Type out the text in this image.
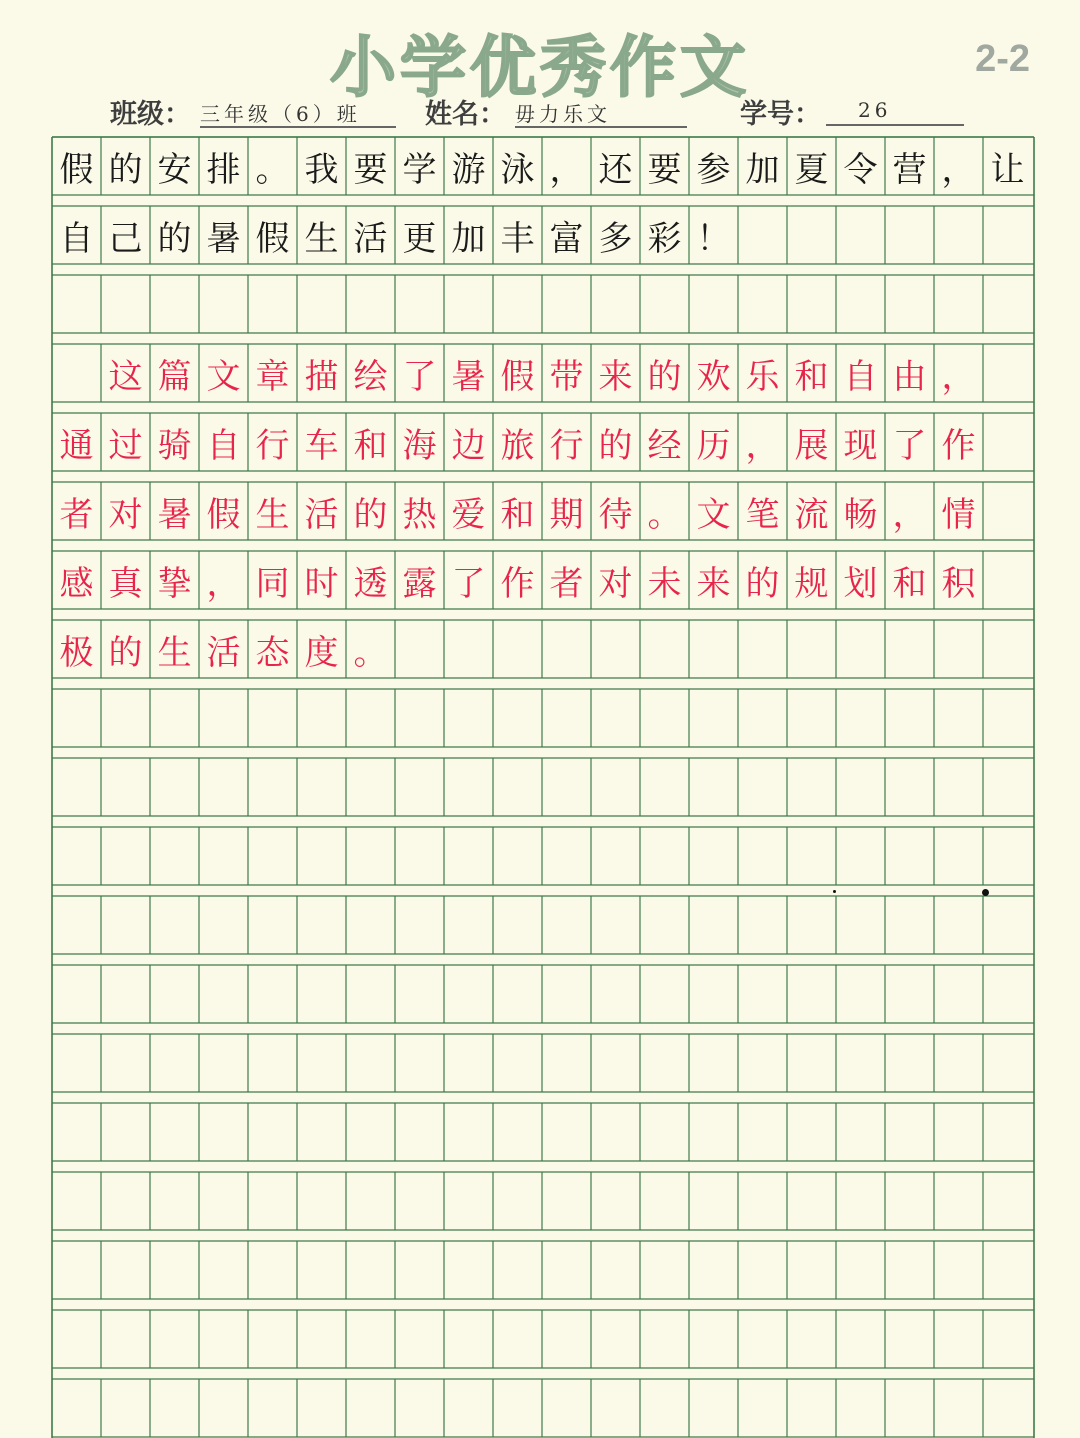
小学优秀作文	2-2
班级： 三年级（6）班	姓名： 毋力乐文	学号：	26
假 的 安 排 。 我 要 学 游 泳 ， 还 要 参 加 夏 令 营 ， 让
自 己 的 暑 假 生 活 更 加 丰 富 多 彩 ！
这 篇 文 章 描 绘 了 暑 假 带 来 的 欢 乐 和 自 由 ，
通 过 骑 自 行 车 和 海 边 旅 行 的 经 历 ， 展 现 了 作
者 对 暑 假 生 活 的 热 爱 和 期 待 。 文 笔 流 畅 ， 情
感 真 挚 ， 同 时 透 露 了 作 者 对 未 来 的 规 划 和 积
极 的 生 活 态 度 。
